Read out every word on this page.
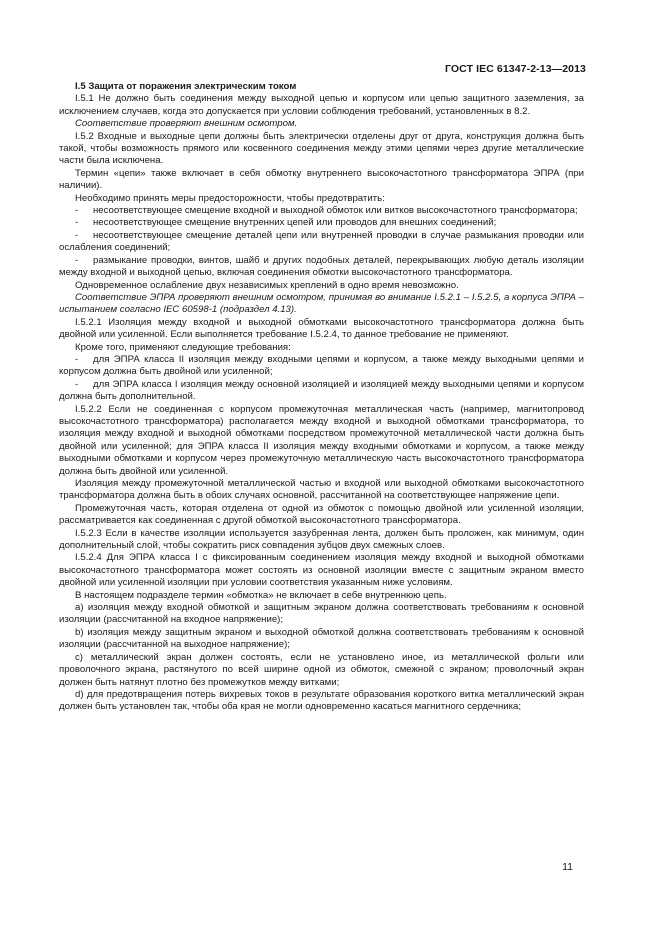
ГОСТ IEC 61347-2-13—2013

I.5 Защита от поражения электрическим током

I.5.1 Не должно быть соединения между выходной цепью и корпусом или цепью защитного заземления, за исключением случаев, когда это допускается при условии соблюдения требований, установленных в 8.2.

Соответствие проверяют внешним осмотром.

I.5.2 Входные и выходные цепи должны быть электрически отделены друг от друга, конструкция должна быть такой, чтобы возможность прямого или косвенного соединения между этими цепями через другие металлические части была исключена.

Термин «цепи» также включает в себя обмотку внутреннего высокочастотного трансформатора ЭПРА (при наличии).

Необходимо принять меры предосторожности, чтобы предотвратить:

- несоответствующее смещение входной и выходной обмоток или витков высокочастотного трансформатора;

- несоответствующее смещение внутренних цепей или проводов для внешних соединений;

- несоответствующее смещение деталей цепи или внутренней проводки в случае размыкания проводки или ослабления соединений;

- размыкание проводки, винтов, шайб и других подобных деталей, перекрывающих любую деталь изоляции между входной и выходной цепью, включая соединения обмотки высокочастотного трансформатора.

Одновременное ослабление двух независимых креплений в одно время невозможно.

Соответствие ЭПРА проверяют внешним осмотром, принимая во внимание I.5.2.1 – I.5.2.5, а корпуса ЭПРА – испытанием согласно IEC 60598-1 (подраздел 4.13).

I.5.2.1 Изоляция между входной и выходной обмотками высокочастотного трансформатора должна быть двойной или усиленной. Если выполняется требование I.5.2.4, то данное требование не применяют.

Кроме того, применяют следующие требования:

- для ЭПРА класса II изоляция между входными цепями и корпусом, а также между выходными цепями и корпусом должна быть двойной или усиленной;

- для ЭПРА класса I изоляция между основной изоляцией и изоляцией между выходными цепями и корпусом должна быть дополнительной.

I.5.2.2 Если не соединенная с корпусом промежуточная металлическая часть (например, магнитопровод высокочастотного трансформатора) располагается между входной и выходной обмотками трансформатора, то изоляция между входной и выходной обмотками посредством промежуточной металлической части должна быть двойной или усиленной; для ЭПРА класса II изоляция между входными обмотками и корпусом, а также между выходными обмотками и корпусом через промежуточную металлическую часть высокочастотного трансформатора должна быть двойной или усиленной.

Изоляция между промежуточной металлической частью и входной или выходной обмотками высокочастотного трансформатора должна быть в обоих случаях основной, рассчитанной на соответствующее напряжение цепи.

Промежуточная часть, которая отделена от одной из обмоток с помощью двойной или усиленной изоляции, рассматривается как соединенная с другой обмоткой высокочастотного трансформатора.

I.5.2.3 Если в качестве изоляции используется зазубренная лента, должен быть проложен, как минимум, один дополнительный слой, чтобы сократить риск совпадения зубцов двух смежных слоев.

I.5.2.4 Для ЭПРА класса I с фиксированным соединением изоляция между входной и выходной обмотками высокочастотного трансформатора может состоять из основной изоляции вместе с защитным экраном вместо двойной или усиленной изоляции при условии соответствия указанным ниже условиям.

В настоящем подразделе термин «обмотка» не включает в себе внутреннюю цепь.

a) изоляция между входной обмоткой и защитным экраном должна соответствовать требованиям к основной изоляции (рассчитанной на входное напряжение);

b) изоляция между защитным экраном и выходной обмоткой должна соответствовать требованиям к основной изоляции (рассчитанной на выходное напряжение);

c) металлический экран должен состоять, если не установлено иное, из металлической фольги или проволочного экрана, растянутого по всей ширине одной из обмоток, смежной с экраном; проволочный экран должен быть натянут плотно без промежутков между витками;

d) для предотвращения потерь вихревых токов в результате образования короткого витка металлический экран должен быть установлен так, чтобы оба края не могли одновременно касаться магнитного сердечника;

11
